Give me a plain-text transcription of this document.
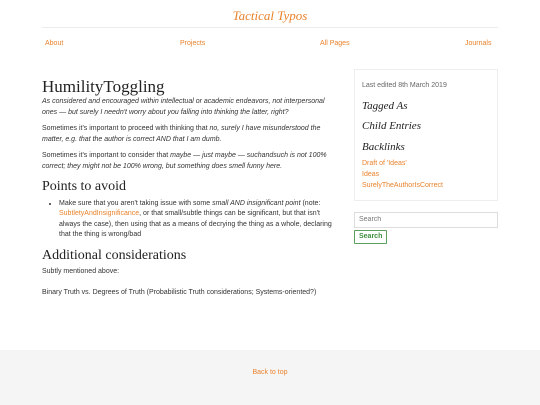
Tactical Typos
About	Projects	All Pages	Journals
HumilityToggling

As considered and encouraged within intellectual or academic endeavors, not interpersonal ones — but surely I needn't worry about you falling into thinking the latter, right?

Sometimes it's important to proceed with thinking that no, surely I have misunderstood the matter, e.g. that the author is correct AND that I am dumb.

Sometimes it's important to consider that maybe — just maybe — suchandsuch is not 100% correct; they might not be 100% wrong, but something does smell funny here.

Points to avoid
• Make sure that you aren't taking issue with some small AND insignificant point (note: SubtletyAndInsignificance, or that small/subtle things can be significant, but that isn't always the case), then using that as a means of decrying the thing as a whole, declaring that the thing is wrong/bad
Additional considerations

Subtly mentioned above:

Binary Truth vs. Degrees of Truth (Probabilistic Truth considerations; Systems-oriented?)

Last edited 8th March 2019
Tagged As
Child Entries
Backlinks
Draft of 'Ideas'
Ideas
SurelyTheAuthorIsCorrect
Search
Search
Back to top
